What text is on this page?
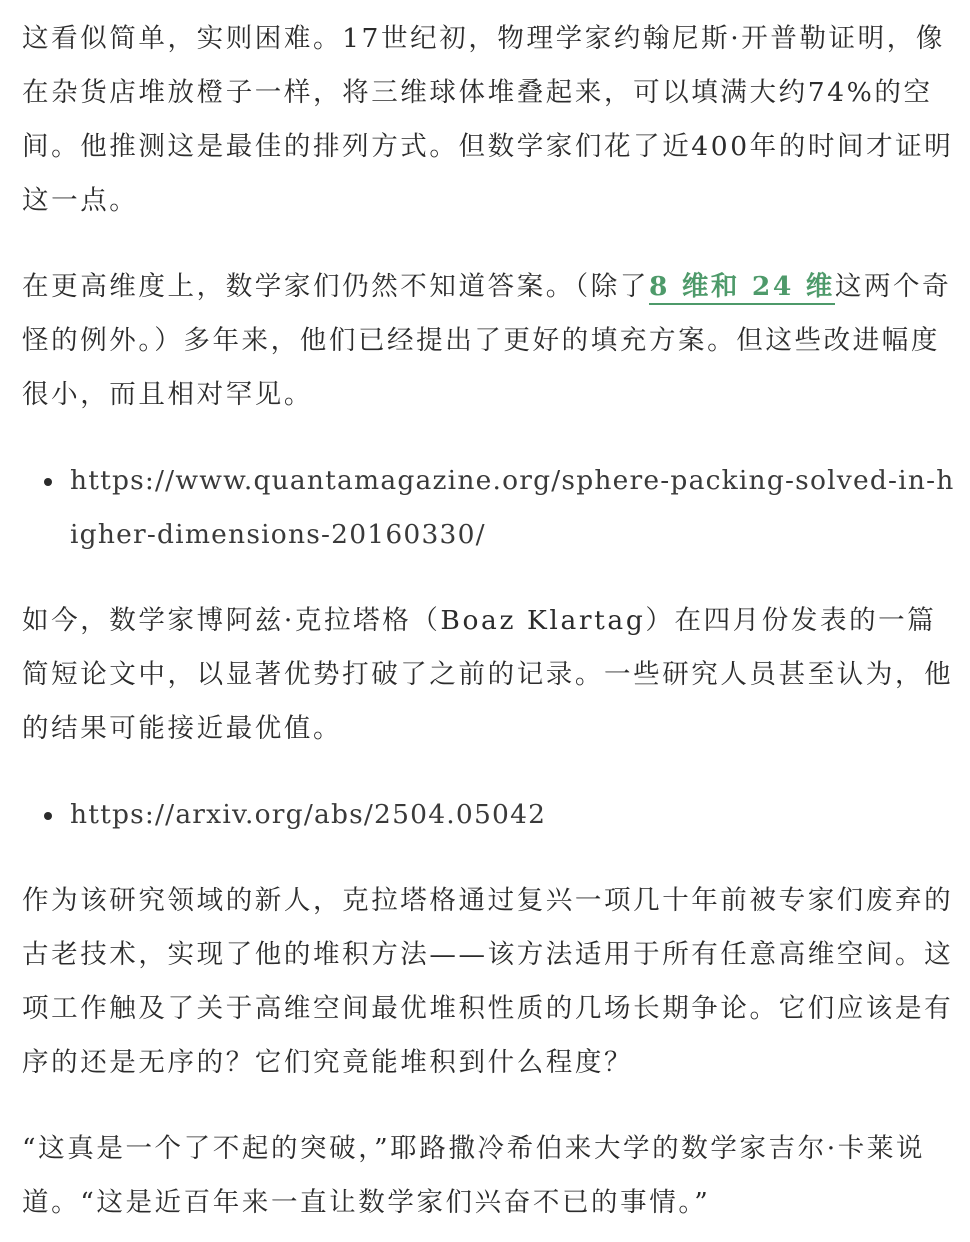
这看似简单，实则困难。17世纪初，物理学家约翰尼斯·开普勒证明，像在杂货店堆放橙子一样，将三维球体堆叠起来，可以填满大约74%的空间。他推测这是最佳的排列方式。但数学家们花了近400年的时间才证明这一点。

在更高维度上，数学家们仍然不知道答案。（除了8 维和 24 维这两个奇怪的例外。）多年来，他们已经提出了更好的填充方案。但这些改进幅度很小，而且相对罕见。

https://www.quantamagazine.org/sphere-packing-solved-in-higher-dimensions-20160330/

如今，数学家博阿兹·克拉塔格（Boaz Klartag）在四月份发表的一篇简短论文中，以显著优势打破了之前的记录。一些研究人员甚至认为，他的结果可能接近最优值。

https://arxiv.org/abs/2504.05042

作为该研究领域的新人，克拉塔格通过复兴一项几十年前被专家们废弃的古老技术，实现了他的堆积方法——该方法适用于所有任意高维空间。这项工作触及了关于高维空间最优堆积性质的几场长期争论。它们应该是有序的还是无序的？它们究竟能堆积到什么程度？

“这真是一个了不起的突破，”耶路撒冷希伯来大学的数学家吉尔·卡莱说道。“这是近百年来一直让数学家们兴奋不已的事情。”
